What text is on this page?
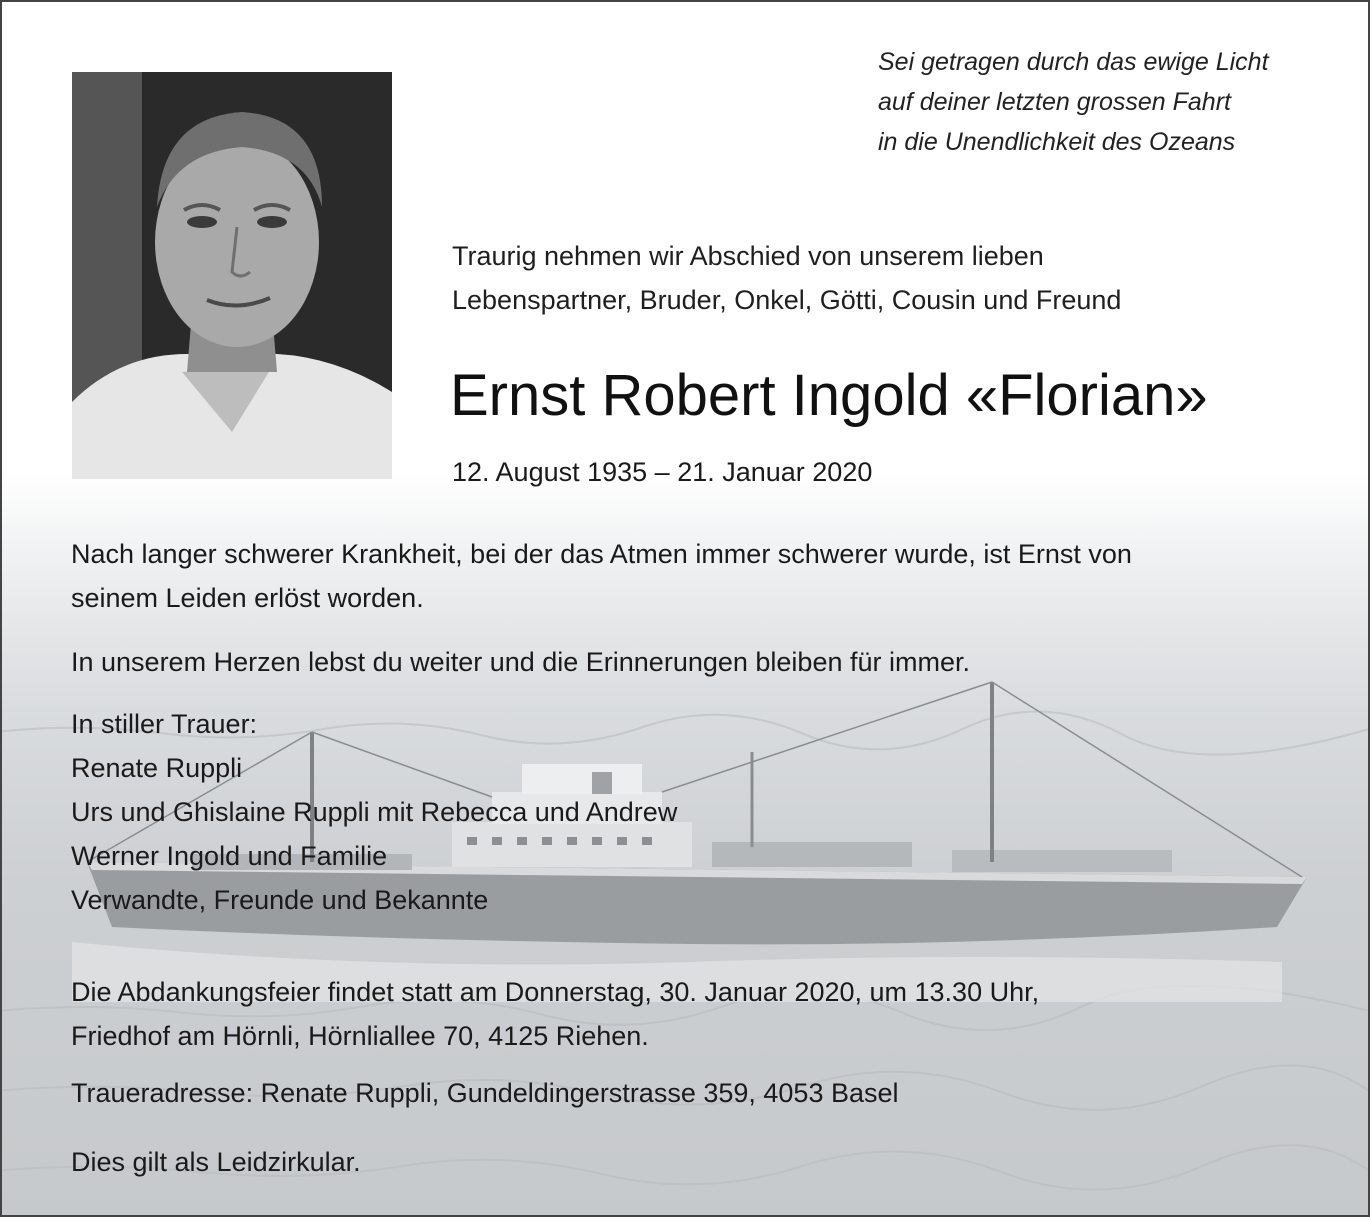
Sei getragen durch das ewige Licht
auf deiner letzten grossen Fahrt
in die Unendlichkeit des Ozeans
Traurig nehmen wir Abschied von unserem lieben
Lebenspartner, Bruder, Onkel, Götti, Cousin und Freund
Ernst Robert Ingold «Florian»
12. August 1935 – 21. Januar 2020
Nach langer schwerer Krankheit, bei der das Atmen immer schwerer wurde, ist Ernst von
seinem Leiden erlöst worden.
In unserem Herzen lebst du weiter und die Erinnerungen bleiben für immer.
In stiller Trauer:
Renate Ruppli
Urs und Ghislaine Ruppli mit Rebecca und Andrew
Werner Ingold und Familie
Verwandte, Freunde und Bekannte
Die Abdankungsfeier findet statt am Donnerstag, 30. Januar 2020, um 13.30 Uhr,
Friedhof am Hörnli, Hörnliallee 70, 4125 Riehen.
Traueradresse: Renate Ruppli, Gundeldingerstrasse 359, 4053 Basel
Dies gilt als Leidzirkular.
